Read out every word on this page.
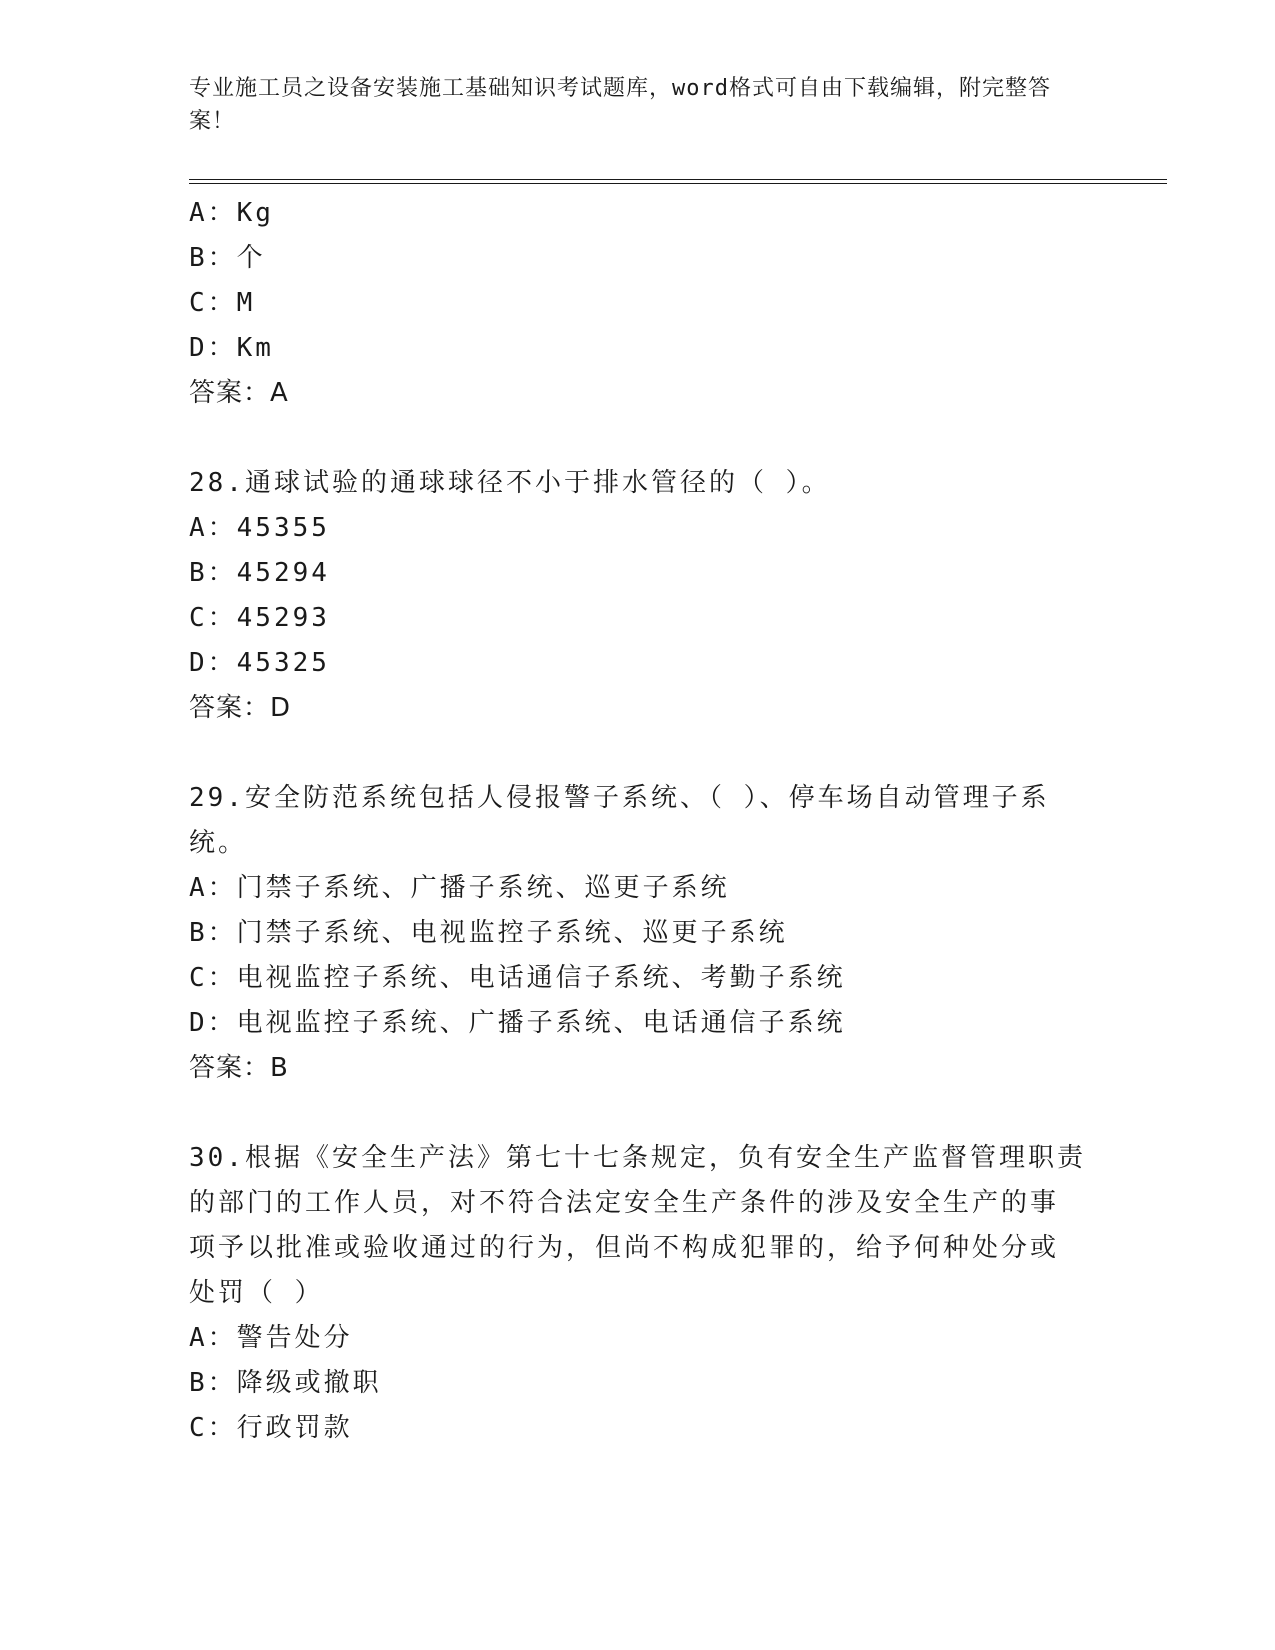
专业施工员之设备安装施工基础知识考试题库，word格式可自由下载编辑，附完整答案！
A：Kg
B：个
C：M
D：Km
答案：A
28.通球试验的通球球径不小于排水管径的（ ）。
A：45355
B：45294
C：45293
D：45325
答案：D
29.安全防范系统包括人侵报警子系统、（ ）、停车场自动管理子系
统。
A：门禁子系统、广播子系统、巡更子系统
B：门禁子系统、电视监控子系统、巡更子系统
C：电视监控子系统、电话通信子系统、考勤子系统
D：电视监控子系统、广播子系统、电话通信子系统
答案：B
30.根据《安全生产法》第七十七条规定，负有安全生产监督管理职责
的部门的工作人员，对不符合法定安全生产条件的涉及安全生产的事
项予以批准或验收通过的行为，但尚不构成犯罪的，给予何种处分或
处罚（ ）
A：警告处分
B：降级或撤职
C：行政罚款
